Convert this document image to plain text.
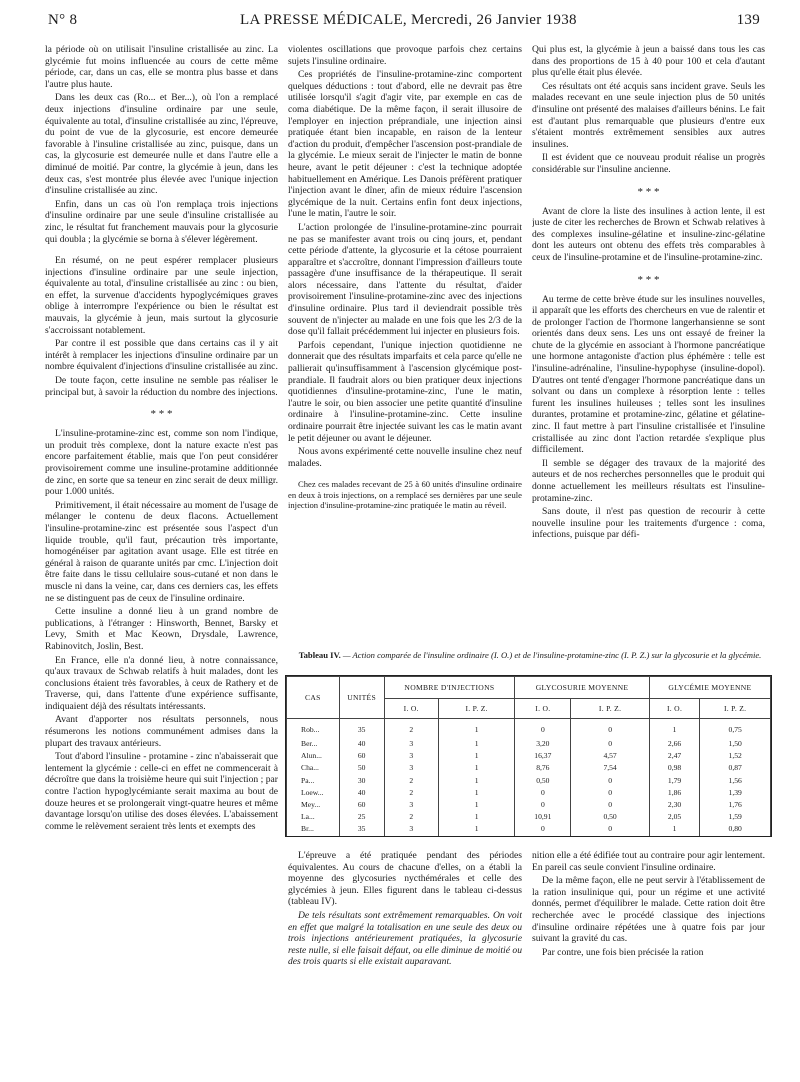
N° 8	LA PRESSE MÉDICALE, Mercredi, 26 Janvier 1938	139

la période où on utilisait l'insuline cristallisée au zinc. La glycémie fut moins influencée au cours de cette même période, car, dans un cas, elle se montra plus basse et dans l'autre plus haute.

Dans les deux cas (Ro... et Ber...), où l'on a remplacé deux injections d'insuline ordinaire par une seule, équivalente au total, d'insuline cristallisée au zinc, l'épreuve, du point de vue de la glycosurie, est encore demeurée favorable à l'insuline cristallisée au zinc, puisque, dans un cas, la glycosurie est demeurée nulle et dans l'autre elle a diminué de moitié. Par contre, la glycémie à jeun, dans les deux cas, s'est montrée plus élevée avec l'unique injection d'insuline cristallisée au zinc.

Enfin, dans un cas où l'on remplaça trois injections d'insuline ordinaire par une seule d'insuline cristallisée au zinc, le résultat fut franchement mauvais pour la glycosurie qui doubla ; la glycémie se borna à s'élever légèrement.

En résumé, on ne peut espérer remplacer plusieurs injections d'insuline ordinaire par une seule injection, équivalente au total, d'insuline cristallisée au zinc : ou bien, en effet, la survenue d'accidents hypoglycémiques graves oblige à interrompre l'expérience ou bien le résultat est mauvais, la glycémie à jeun, mais surtout la glycosurie s'accroissant notablement.

Par contre il est possible que dans certains cas il y ait intérêt à remplacer les injections d'insuline ordinaire par un nombre équivalent d'injections d'insuline cristallisée au zinc.

De toute façon, cette insuline ne semble pas réaliser le principal but, à savoir la réduction du nombre des injections.

* * *

L'insuline-protamine-zinc est, comme son nom l'indique, un produit très complexe, dont la nature exacte n'est pas encore parfaitement établie, mais que l'on peut considérer provisoirement comme une insuline-protamine additionnée de zinc, en sorte que sa teneur en zinc serait de deux milligr. pour 1.000 unités.

Primitivement, il était nécessaire au moment de l'usage de mélanger le contenu de deux flacons. Actuellement l'insuline-protamine-zinc est présentée sous l'aspect d'un liquide trouble, qu'il faut, précaution très importante, homogénéiser par agitation avant usage. Elle est titrée en général à raison de quarante unités par cmc. L'injection doit être faite dans le tissu cellulaire sous-cutané et non dans le muscle ni dans la veine, car, dans ces derniers cas, les effets ne se distinguent pas de ceux de l'insuline ordinaire.

Cette insuline a donné lieu à un grand nombre de publications, à l'étranger : Hinsworth, Bennet, Barsky et Levy, Smith et Mac Keown, Drysdale, Lawrence, Rabinovitch, Joslin, Best.

En France, elle n'a donné lieu, à notre connaissance, qu'aux travaux de Schwab relatifs à huit malades, dont les conclusions étaient très favorables, à ceux de Rathery et de Traverse, qui, dans l'attente d'une expérience suffisante, indiquaient déjà des résultats intéressants.

Avant d'apporter nos résultats personnels, nous résumerons les notions communément admises dans la plupart des travaux antérieurs.

Tout d'abord l'insuline - protamine - zinc n'abaisserait que lentement la glycémie : celle-ci en effet ne commencerait à décroître que dans la troisième heure qui suit l'injection ; par contre l'action hypoglycémiante serait maxima au bout de douze heures et se prolongerait vingt-quatre heures et même davantage lorsqu'on utilise des doses élevées. L'abaissement comme le relèvement seraient très lents et exempts des

violentes oscillations que provoque parfois chez certains sujets l'insuline ordinaire.

Ces propriétés de l'insuline-protamine-zinc comportent quelques déductions : tout d'abord, elle ne devrait pas être utilisée lorsqu'il s'agit d'agir vite, par exemple en cas de coma diabétique. De la même façon, il serait illusoire de l'employer en injection préprandiale, une injection ainsi pratiquée étant bien incapable, en raison de la lenteur d'action du produit, d'empêcher l'ascension post-prandiale de la glycémie. Le mieux serait de l'injecter le matin de bonne heure, avant le petit déjeuner : c'est la technique adoptée habituellement en Amérique. Les Danois préfèrent pratiquer l'injection avant le dîner, afin de mieux réduire l'ascension glycémique de la nuit. Certains enfin font deux injections, l'une le matin, l'autre le soir.

L'action prolongée de l'insuline-protamine-zinc pourrait ne pas se manifester avant trois ou cinq jours, et, pendant cette période d'attente, la glycosurie et la cétose pourraient apparaître et s'accroître, donnant l'impression d'ailleurs toute passagère d'une insuffisance de la thérapeutique. Il serait alors nécessaire, dans l'attente du résultat, d'aider provisoirement l'insuline-protamine-zinc avec des injections d'insuline ordinaire. Plus tard il deviendrait possible très souvent de n'injecter au malade en une fois que les 2/3 de la dose qu'il fallait précédemment lui injecter en plusieurs fois.

Parfois cependant, l'unique injection quotidienne ne donnerait que des résultats imparfaits et cela parce qu'elle ne pallierait qu'insuffisamment à l'ascension glycémique post-prandiale. Il faudrait alors ou bien pratiquer deux injections quotidiennes d'insuline-protamine-zinc, l'une le matin, l'autre le soir, ou bien associer une petite quantité d'insuline ordinaire à l'insuline-protamine-zinc. Cette insuline ordinaire pourrait être injectée suivant les cas le matin avant le petit déjeuner ou avant le déjeuner.

Nous avons expérimenté cette nouvelle insuline chez neuf malades.

Chez ces malades recevant de 25 à 60 unités d'insuline ordinaire en deux à trois injections, on a remplacé ses dernières par une seule injection d'insuline-protamine-zinc pratiquée le matin au réveil.

Qui plus est, la glycémie à jeun a baissé dans tous les cas dans des proportions de 15 à 40 pour 100 et cela d'autant plus qu'elle était plus élevée.

Ces résultats ont été acquis sans incident grave. Seuls les malades recevant en une seule injection plus de 50 unités d'insuline ont présenté des malaises d'ailleurs bénins. Le fait est d'autant plus remarquable que plusieurs d'entre eux s'étaient montrés extrêmement sensibles aux autres insulines.

Il est évident que ce nouveau produit réalise un progrès considérable sur l'insuline ancienne.

* * *

Avant de clore la liste des insulines à action lente, il est juste de citer les recherches de Brown et Schwab relatives à des complexes insuline-gélatine et insuline-zinc-gélatine dont les auteurs ont obtenu des effets très comparables à ceux de l'insuline-protamine et de l'insuline-protamine-zinc.

* * *

Au terme de cette brève étude sur les insulines nouvelles, il apparaît que les efforts des chercheurs en vue de ralentir et de prolonger l'action de l'hormone langerhansienne se sont orientés dans deux sens. Les uns ont essayé de freiner la chute de la glycémie en associant à l'hormone pancréatique une hormone antagoniste d'action plus éphémère : telle est l'insuline-adrénaline, l'insuline-hypophyse (insuline-dopol). D'autres ont tenté d'engager l'hormone pancréatique dans un solvant ou dans un complexe à résorption lente : telles furent les insulines huileuses ; telles sont les insulines durantes, protamine et protamine-zinc, gélatine et gélatine-zinc. Il faut mettre à part l'insuline cristallisée et l'insuline cristallisée au zinc dont l'action retardée s'explique plus difficilement.

Il semble se dégager des travaux de la majorité des auteurs et de nos recherches personnelles que le produit qui donne actuellement les meilleurs résultats est l'insuline-protamine-zinc.

Sans doute, il n'est pas question de recourir à cette nouvelle insuline pour les traitements d'urgence : coma, infections, puisque par défi-

Tableau IV. — Action comparée de l'insuline ordinaire (I. O.) et de l'insuline-protamine-zinc (I. P. Z.) sur la glycosurie et la glycémie.
CAS	UNITÉS	NOMBRE D'INJECTIONS		GLYCOSURIE MOYENNE		GLYCÉMIE MOYENNE	
		I. O.	I. P. Z.	I. O.	I. P. Z.	I. O.	I. P. Z.
Rob...	35	2	1	0	0	1	0,75
Ber...	40	3	1	3,20	0	2,66	1,50
Alun...	60	3	1	16,37	4,57	2,47	1,52
Cha...	50	3	1	8,76	7,54	0,98	0,87
Pa...	30	2	1	0,50	0	1,79	1,56
Loew...	40	2	1	0	0	1,86	1,39
Mey...	60	3	1	0	0	2,30	1,76
La...	25	2	1	10,91	0,50	2,05	1,59
Br...	35	3	1	0	0	1	0,80

L'épreuve a été pratiquée pendant des périodes équivalentes. Au cours de chacune d'elles, on a établi la moyenne des glycosuries nycthémérales et celle des glycémies à jeun. Elles figurent dans le tableau ci-dessus (tableau IV).

De tels résultats sont extrêmement remarquables. On voit en effet que malgré la totalisation en une seule des deux ou trois injections antérieurement pratiquées, la glycosurie reste nulle, si elle faisait défaut, ou elle diminue de moitié ou des trois quarts si elle existait auparavant.

nition elle a été édifiée tout au contraire pour agir lentement. En pareil cas seule convient l'insuline ordinaire.

De la même façon, elle ne peut servir à l'établissement de la ration insulinique qui, pour un régime et une activité donnés, permet d'équilibrer le malade. Cette ration doit être recherchée avec le procédé classique des injections d'insuline ordinaire répétées une à quatre fois par jour suivant la gravité du cas.

Par contre, une fois bien précisée la ration
